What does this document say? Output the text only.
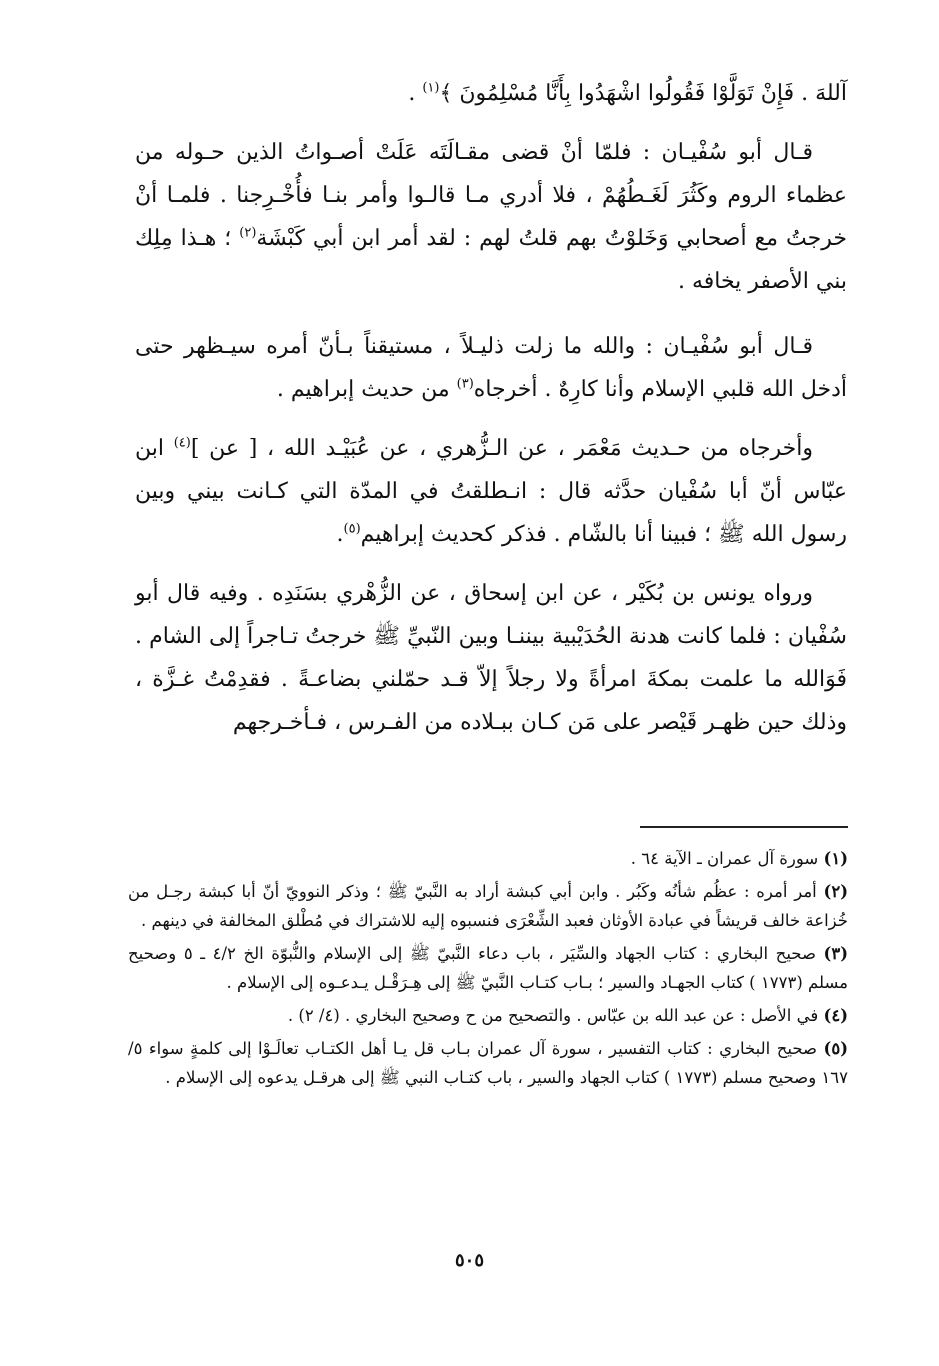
آللهَ . فَإِنْ تَوَلَّوْا فَقُولُوا اشْهَدُوا بِأَنَّا مُسْلِمُونَ ﴾$^{(١)}$ .

قـال أبو سُفْيـان : فلمّا أنْ قضى مقـالَتَه عَلَتْ أصـواتُ الذين حـوله من عظماء الروم وكَثُرَ لَغَـطُهُمْ ، فلا أدري مـا قالـوا وأمر بنـا فأُخْـرِجنا . فلمـا أنْ خرجتُ مع أصحابي وَخَلوْتُ بهم قلتُ لهم : لقد أمر ابن أبي كَبْشَة$^{(٢)}$ ؛ هـذا مِلِك بني الأصفر يخافه .

قـال أبو سُفْيـان : والله ما زلت ذليـلاً ، مستيقناً بـأنّ أمره سيـظهر حتى أدخل الله قلبي الإسلام وأنا كارِهٌ . أخرجاه$^{(٣)}$ من حديث إبراهيم .

وأخرجاه من حـديث مَعْمَر ، عن الـزُّهري ، عن عُبَيْـد الله ، [ عن ]$^{(٤)}$ ابن عبّاس أنّ أبا سُفْيان حدَّثه قال : انـطلقتُ في المدّة التي كـانت بيني وبين رسول الله ﷺ ؛ فبينا أنا بالشّام . فذكر كحديث إبراهيم$^{(٥)}$.

ورواه يونس بن بُكَيْر ، عن ابن إسحاق ، عن الزُّهْري بسَنَدِه . وفيه قال أبو سُفْيان : فلما كانت هدنة الحُدَيْبية بيننـا وبين النّبيِّ ﷺ خرجتُ تـاجراً إلى الشام . فَوَالله ما علمت بمكةَ امرأةً ولا رجلاً إلاّ قـد حمّلني بضاعـةً . فقدِمْتُ غـزَّة ، وذلك حين ظهـر قَيْصر على مَن كـان ببـلاده من الفـرس ، فـأخـرجهم

(١) سورة آل عمران ـ الآية ٦٤ .

(٢) أمر أمره : عظُم شأنُه وكَبُر . وابن أبي كبشة أراد به النَّبيّ ﷺ ؛ وذكر النوويّ أنّ أبا كبشة رجـل من خُزاعة خالف قريشاً في عبادة الأوثان فعبد الشِّعْرَى فنسبوه إليه للاشتراك في مُطْلق المخالفة في دينهم .

(٣) صحيح البخاري : كتاب الجهاد والسِّيَر ، باب دعاء النَّبيّ ﷺ إلى الإسلام والنُّبوّة الخ ٤/٢ ـ ٥ وصحيح مسلم (١٧٧٣ ) كتاب الجهـاد والسير ؛ بـاب كتـاب النَّبيّ ﷺ إلى هِـرَقْـل يـدعـوه إلى الإسلام .

(٤) في الأصل : عن عبد الله بن عبّاس . والتصحيح من ح وصحيح البخاري . (٤/ ٢) .

(٥) صحيح البخاري : كتاب التفسير ، سورة آل عمران بـاب قل يـا أهل الكتـاب تعالَـوْا إلى كلمةٍ سواء ٥/ ١٦٧ وصحيح مسلم (١٧٧٣ ) كتاب الجهاد والسير ، باب كتـاب النبي ﷺ إلى هرقـل يدعوه إلى الإسلام .

٥٠٥
